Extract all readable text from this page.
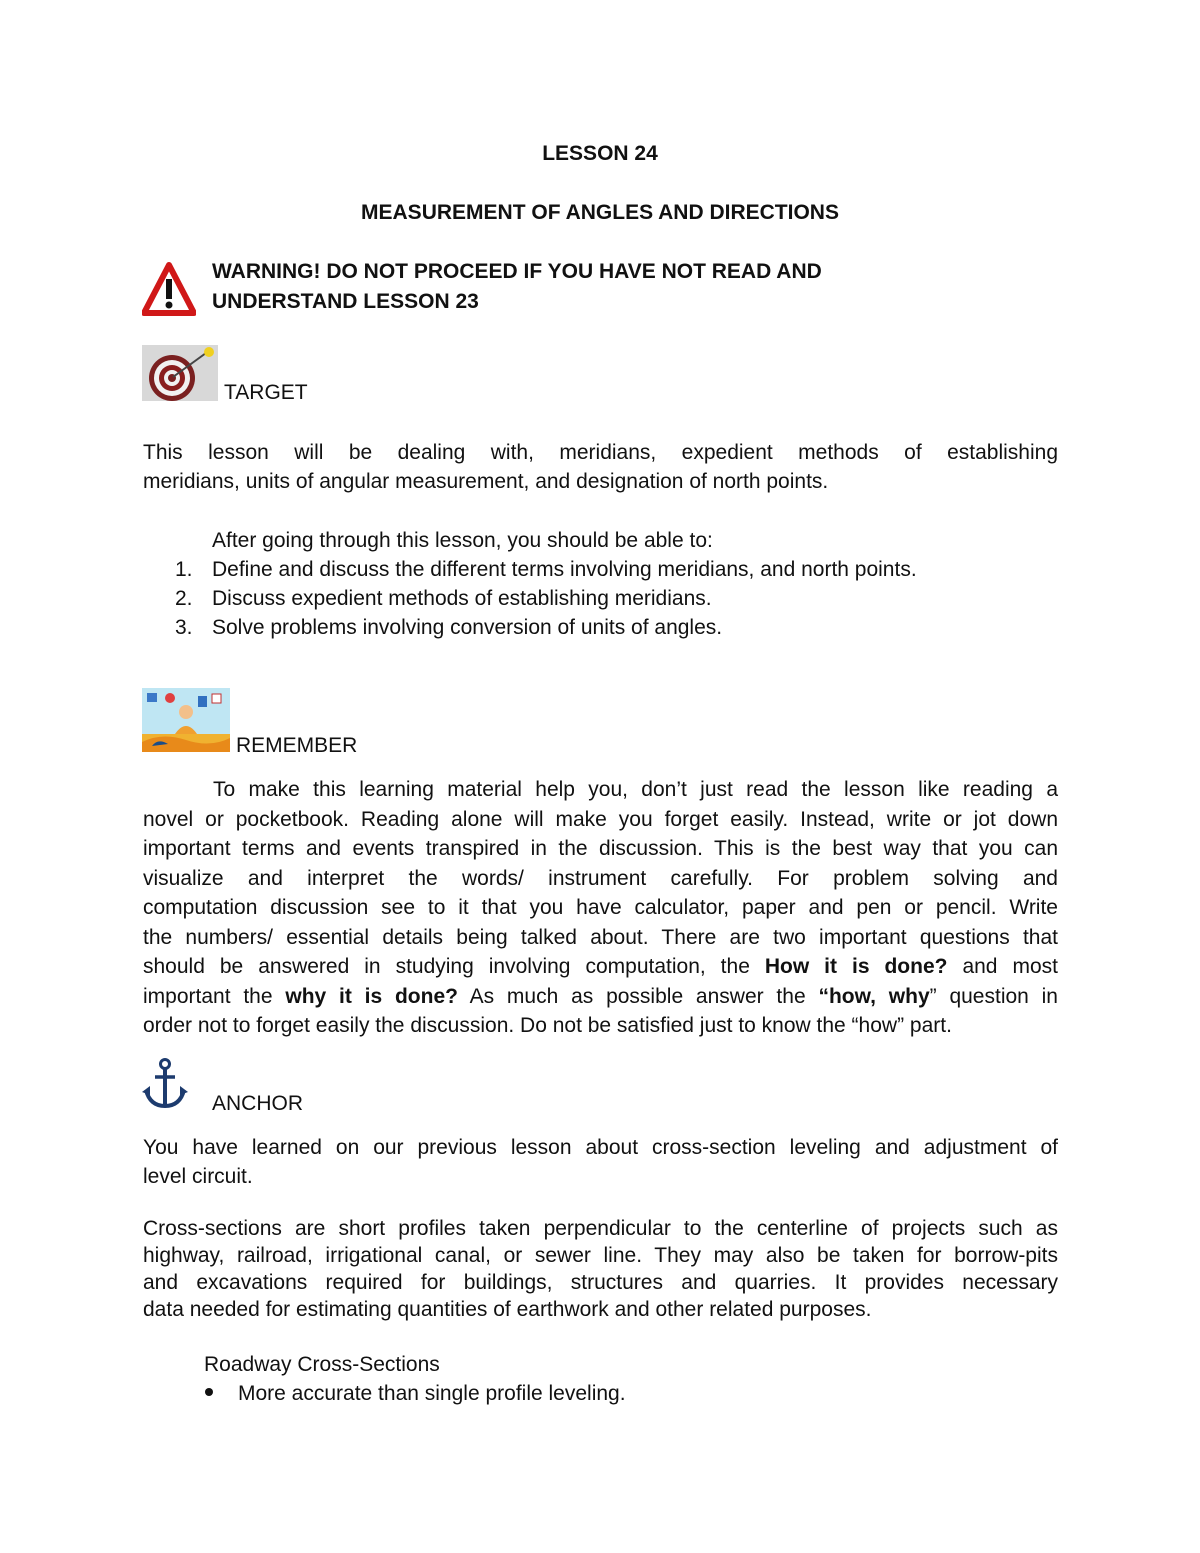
LESSON 24
MEASUREMENT OF ANGLES AND DIRECTIONS
WARNING! DO NOT PROCEED IF YOU HAVE NOT READ AND
UNDERSTAND LESSON 23
TARGET
This lesson will be dealing with, meridians, expedient methods of establishing
meridians, units of angular measurement, and designation of north points.
After going through this lesson, you should be able to:
1. Define and discuss the different terms involving meridians, and north points.
2. Discuss expedient methods of establishing meridians.
3. Solve problems involving conversion of units of angles.
REMEMBER
To make this learning material help you, don’t just read the lesson like reading a
novel or pocketbook. Reading alone will make you forget easily. Instead, write or jot down
important terms and events transpired in the discussion. This is the best way that you can
visualize and interpret the words/ instrument carefully. For problem solving and
computation discussion see to it that you have calculator, paper and pen or pencil. Write
the numbers/ essential details being talked about. There are two important questions that
should be answered in studying involving computation, the How it is done? and most
important the why it is done? As much as possible answer the “how, why” question in
order not to forget easily the discussion. Do not be satisfied just to know the “how” part.
ANCHOR
You have learned on our previous lesson about cross-section leveling and adjustment of
level circuit.
Cross-sections are short profiles taken perpendicular to the centerline of projects such as
highway, railroad, irrigational canal, or sewer line. They may also be taken for borrow-pits
and excavations required for buildings, structures and quarries. It provides necessary
data needed for estimating quantities of earthwork and other related purposes.
Roadway Cross-Sections
More accurate than single profile leveling.
